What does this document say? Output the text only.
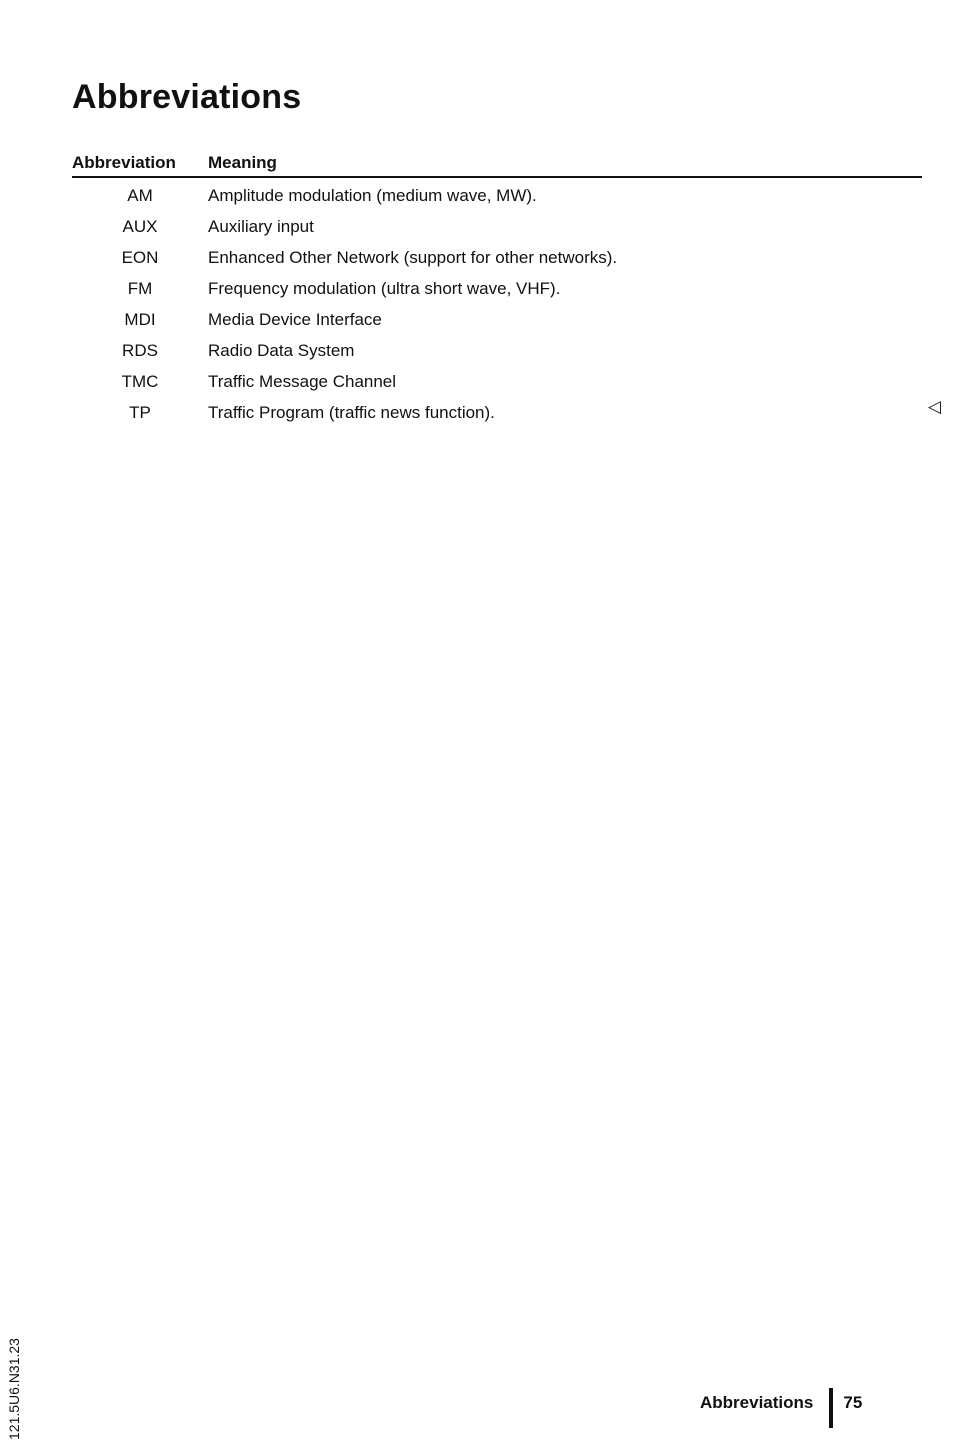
Abbreviations
Abbreviation	Meaning
AM	Amplitude modulation (medium wave, MW).
AUX	Auxiliary input
EON	Enhanced Other Network (support for other networks).
FM	Frequency modulation (ultra short wave, VHF).
MDI	Media Device Interface
RDS	Radio Data System
TMC	Traffic Message Channel
TP	Traffic Program (traffic news function).	◁
121.5U6.N31.23	Abbreviations	75
